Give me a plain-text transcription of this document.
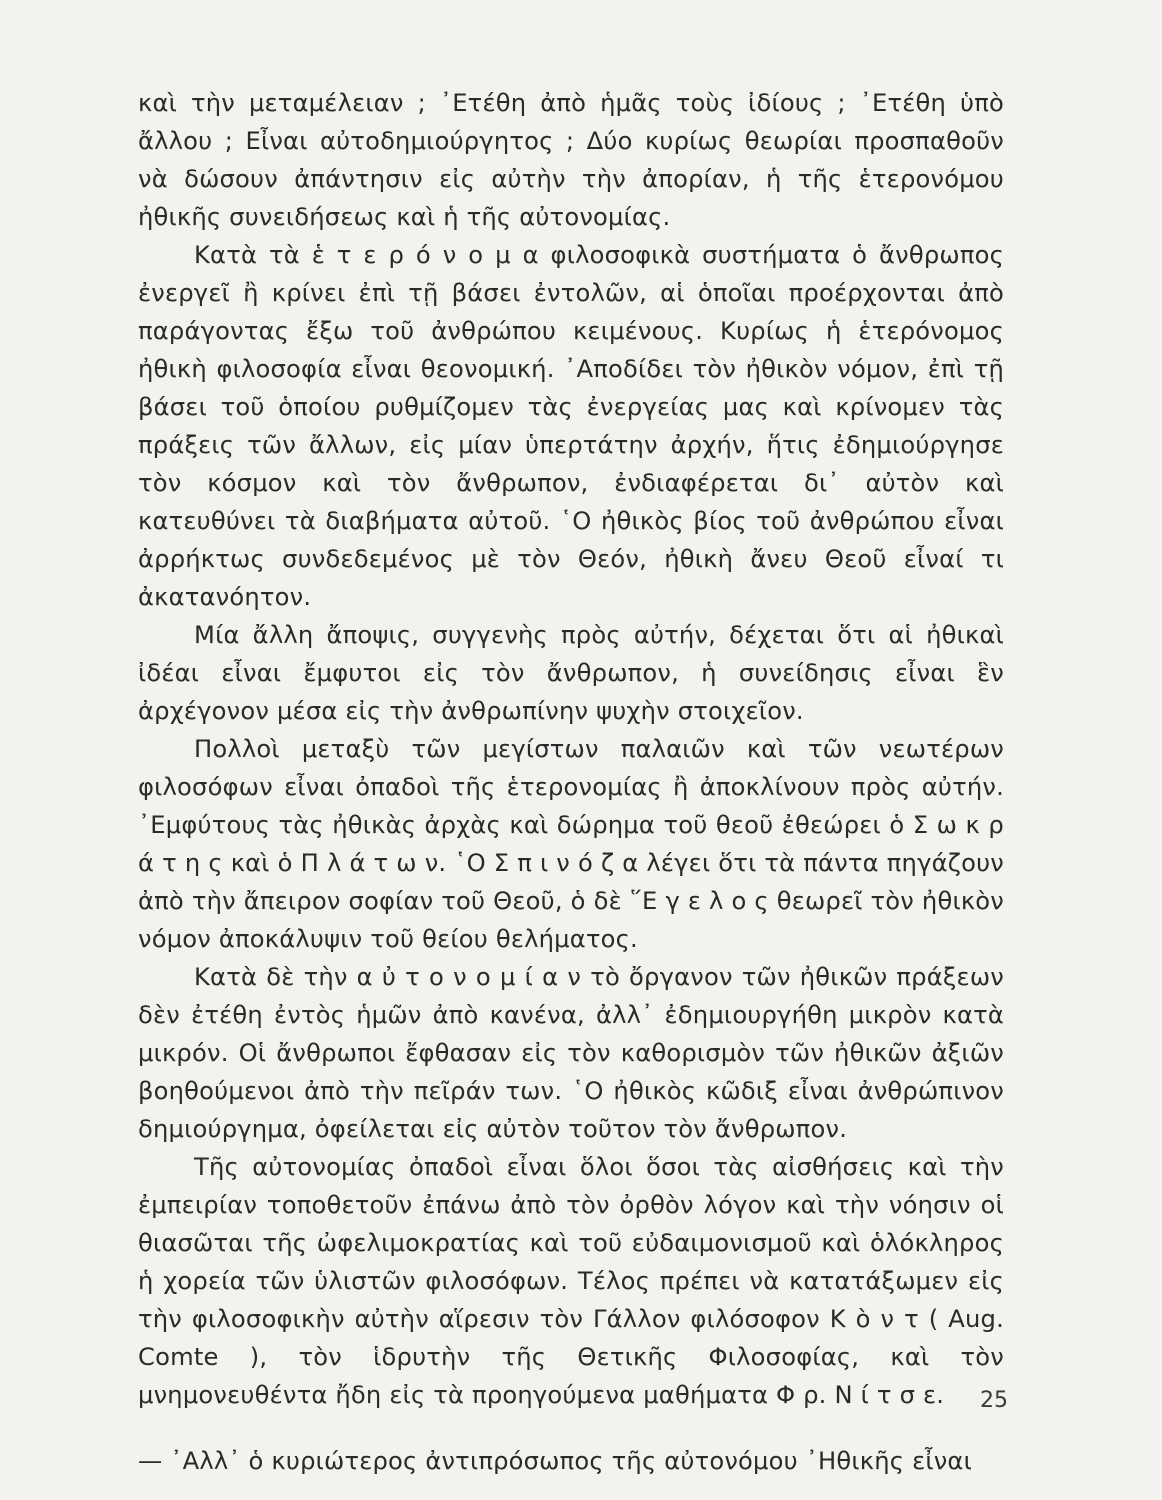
καὶ τὴν μεταμέλειαν ; ᾿Ετέθη ἀπὸ ἡμᾶς τοὺς ἰδίους ; ᾿Ετέθη ὑπὸ ἄλλου ; Εἶναι αὐτοδημιούργητος ; Δύο κυρίως θεωρίαι προσπαθοῦν νὰ δώσουν ἀπάντησιν εἰς αὐτὴν τὴν ἀπορίαν, ἡ τῆς ἑτερονόμου ἠθικῆς συνειδήσεως καὶ ἡ τῆς αὐτονομίας.

Κατὰ τὰ ἑ τ ε ρ ό ν ο μ α φιλοσοφικὰ συστήματα ὁ ἄνθρωπος ἐνεργεῖ ἢ κρίνει ἐπὶ τῇ βάσει ἐντολῶν, αἱ ὁποῖαι προέρχονται ἀπὸ παράγοντας ἔξω τοῦ ἀνθρώπου κειμένους. Κυρίως ἡ ἑτερόνομος ἠθικὴ φιλοσοφία εἶναι θεονομική. ᾿Αποδίδει τὸν ἠθικὸν νόμον, ἐπὶ τῇ βάσει τοῦ ὁποίου ρυθμίζομεν τὰς ἐνεργείας μας καὶ κρίνομεν τὰς πράξεις τῶν ἄλλων, εἰς μίαν ὑπερτάτην ἀρχήν, ἥτις ἐδημιούργησε τὸν κόσμον καὶ τὸν ἄνθρωπον, ἐνδιαφέρεται δι᾿ αὐτὸν καὶ κατευθύνει τὰ διαβήματα αὐτοῦ. ῾Ο ἠθικὸς βίος τοῦ ἀνθρώπου εἶναι ἀρρήκτως συνδεδεμένος μὲ τὸν Θεόν, ἠθικὴ ἄνευ Θεοῦ εἶναί τι ἀκατανόητον.

Μία ἄλλη ἄποψις, συγγενὴς πρὸς αὐτήν, δέχεται ὅτι αἱ ἠθικαὶ ἰδέαι εἶναι ἔμφυτοι εἰς τὸν ἄνθρωπον, ἡ συνείδησις εἶναι ἓν ἀρχέγονον μέσα εἰς τὴν ἀνθρωπίνην ψυχὴν στοιχεῖον.

Πολλοὶ μεταξὺ τῶν μεγίστων παλαιῶν καὶ τῶν νεωτέρων φιλοσόφων εἶναι ὀπαδοὶ τῆς ἑτερονομίας ἢ ἀποκλίνουν πρὸς αὐτήν. ᾿Εμφύτους τὰς ἠθικὰς ἀρχὰς καὶ δώρημα τοῦ θεοῦ ἐθεώρει ὁ Σ ω κ ρ ά τ η ς καὶ ὁ Π λ ά τ ω ν. ῾Ο Σ π ι ν ό ζ α λέγει ὅτι τὰ πάντα πηγάζουν ἀπὸ τὴν ἄπειρον σοφίαν τοῦ Θεοῦ, ὁ δὲ ῞Ε γ ε λ ο ς θεωρεῖ τὸν ἠθικὸν νόμον ἀποκάλυψιν τοῦ θείου θελήματος.

Κατὰ δὲ τὴν α ὐ τ ο ν ο μ ί α ν τὸ ὄργανον τῶν ἠθικῶν πράξεων δὲν ἐτέθη ἐντὸς ἡμῶν ἀπὸ κανένα, ἀλλ᾿ ἐδημιουργήθη μικρὸν κατὰ μικρόν. Οἱ ἄνθρωποι ἔφθασαν εἰς τὸν καθορισμὸν τῶν ἠθικῶν ἀξιῶν βοηθούμενοι ἀπὸ τὴν πεῖράν των. ῾Ο ἠθικὸς κῶδιξ εἶναι ἀνθρώπινον δημιούργημα, ὀφείλεται εἰς αὐτὸν τοῦτον τὸν ἄνθρωπον.

Τῆς αὐτονομίας ὀπαδοὶ εἶναι ὅλοι ὅσοι τὰς αἰσθήσεις καὶ τὴν ἐμπειρίαν τοποθετοῦν ἐπάνω ἀπὸ τὸν ὀρθὸν λόγον καὶ τὴν νόησιν οἱ θιασῶται τῆς ὠφελιμοκρατίας καὶ τοῦ εὐδαιμονισμοῦ καὶ ὁλόκληρος ἡ χορεία τῶν ὑλιστῶν φιλοσόφων. Τέλος πρέπει νὰ κατατάξωμεν εἰς τὴν φιλοσοφικὴν αὐτὴν αἵρεσιν τὸν Γάλλον φιλόσοφον Κ ὸ ν τ ( Aug. Comte ), τὸν ἱδρυτὴν τῆς Θετικῆς Φιλοσοφίας, καὶ τὸν μνημονευθέντα ἤδη εἰς τὰ προηγούμενα μαθήματα Φ ρ. Ν ί τ σ ε.

— ᾿Αλλ᾿ ὁ κυριώτερος ἀντιπρόσωπος τῆς αὐτονόμου ᾿Ηθικῆς εἶναι

25
